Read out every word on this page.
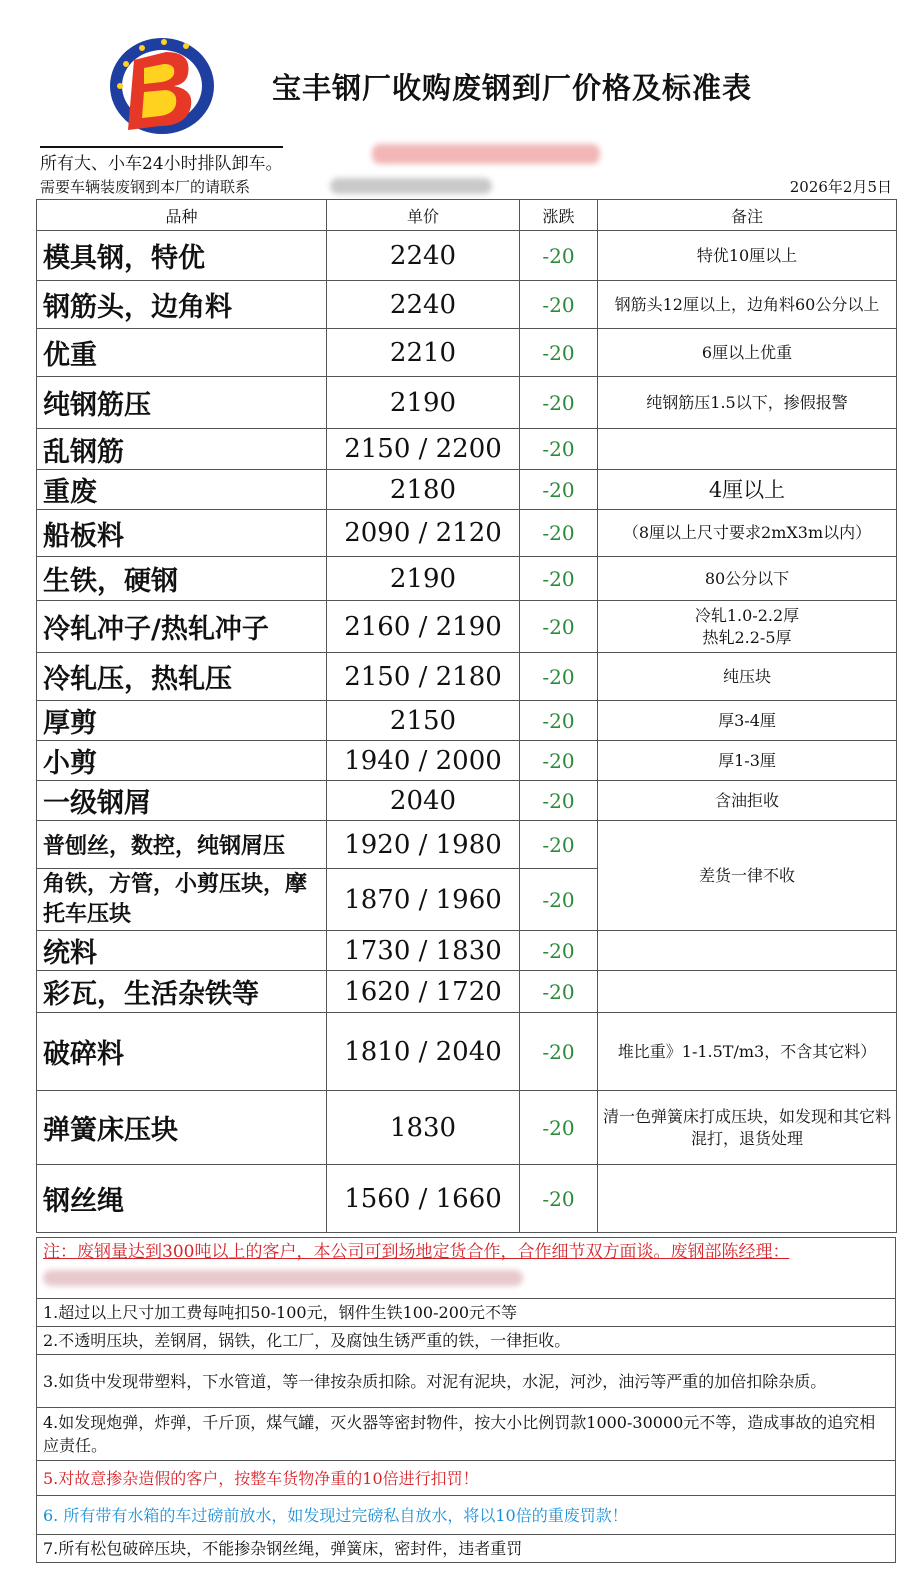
宝丰钢厂收购废钢到厂价格及标准表
所有大、小车24小时排队卸车。
需要车辆装废钢到本厂的请联系	2026年2月5日
品种	单价	涨跌	备注
模具钢，特优	2240	-20	特优10厘以上
钢筋头，边角料	2240	-20	钢筋头12厘以上，边角料60公分以上
优重	2210	-20	6厘以上优重
纯钢筋压	2190	-20	纯钢筋压1.5以下，掺假报警
乱钢筋	2150 / 2200	-20	
重废	2180	-20	4厘以上
船板料	2090 / 2120	-20	（8厘以上尺寸要求2mX3m以内）
生铁，硬钢	2190	-20	80公分以下
冷轧冲子/热轧冲子	2160 / 2190	-20	冷轧1.0-2.2厚
热轧2.2-5厚

冷轧压，热轧压	2150 / 2180	-20	纯压块
厚剪	2150	-20	厚3-4厘
小剪	1940 / 2000	-20	厚1-3厘
一级钢屑	2040	-20	含油拒收
普刨丝，数控，纯钢屑压	1920 / 1980	-20	差货一律不收
角铁，方管，小剪压块，摩托车压块	1870 / 1960	-20	
统料	1730 / 1830	-20	
彩瓦，生活杂铁等	1620 / 1720	-20	
破碎料	1810 / 2040	-20	堆比重》1-1.5T/m3，不含其它料）
弹簧床压块	1830	-20	清一色弹簧床打成压块，如发现和其它料混打，退货处理
钢丝绳	1560 / 1660	-20	
注：废钢量达到300吨以上的客户，本公司可到场地定货合作，合作细节双方面谈。废钢部陈经理：
1.超过以上尺寸加工费每吨扣50-100元，钢件生铁100-200元不等
2.不透明压块，差钢屑，锅铁，化工厂，及腐蚀生锈严重的铁，一律拒收。
3.如货中发现带塑料，下水管道，等一律按杂质扣除。对泥有泥块，水泥，河沙，油污等严重的加倍扣除杂质。
4.如发现炮弹，炸弹，千斤顶，煤气罐，灭火器等密封物件，按大小比例罚款1000-30000元不等，造成事故的追究相应责任。
5.对故意掺杂造假的客户，按整车货物净重的10倍进行扣罚！
6. 所有带有水箱的车过磅前放水，如发现过完磅私自放水，将以10倍的重废罚款！
7.所有松包破碎压块，不能掺杂钢丝绳，弹簧床，密封件，违者重罚
